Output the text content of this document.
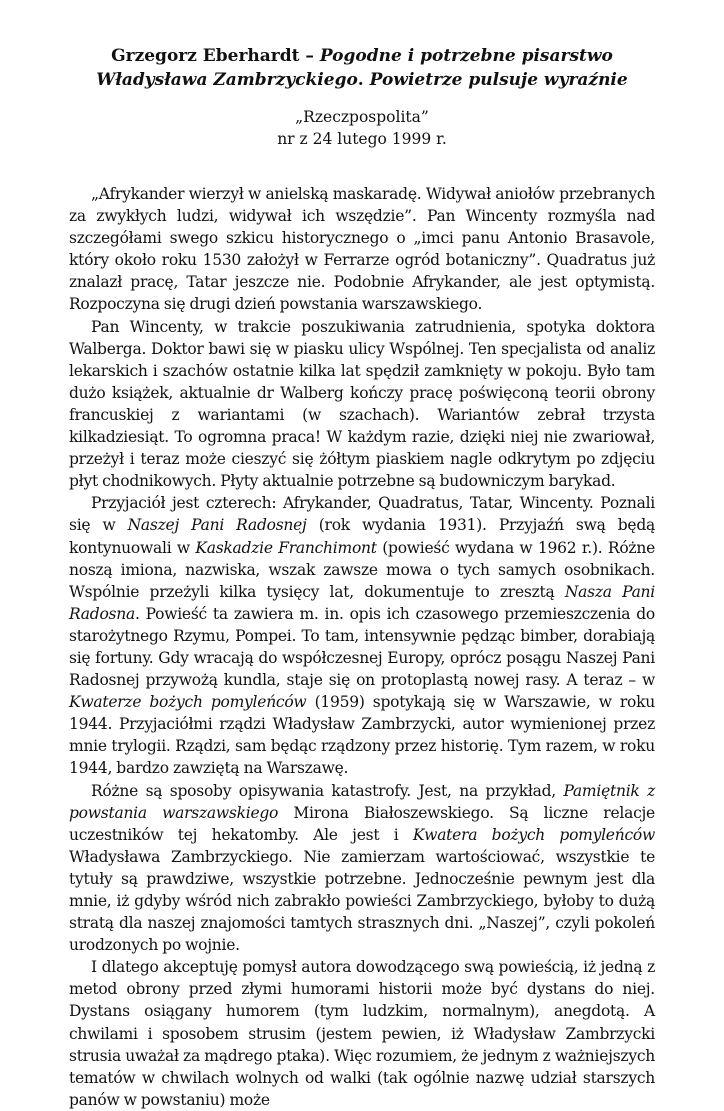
Grzegorz Eberhardt – Pogodne i potrzebne pisarstwo
Władysława Zambrzyckiego. Powietrze pulsuje wyraźnie
„Rzeczpospolita”
nr z 24 lutego 1999 r.

„Afrykander wierzył w anielską maskaradę. Widywał aniołów przebranych za zwykłych ludzi, widywał ich wszędzie”. Pan Wincenty rozmyśla nad szczegółami swego szkicu historycznego o „imci panu Antonio Brasavole, który około roku 1530 założył w Ferrarze ogród botaniczny”. Quadratus już znalazł pracę, Tatar jeszcze nie. Podobnie Afrykander, ale jest optymistą. Rozpoczyna się drugi dzień powstania warszawskiego.

Pan Wincenty, w trakcie poszukiwania zatrudnienia, spotyka doktora Walberga. Doktor bawi się w piasku ulicy Wspólnej. Ten specjalista od analiz lekarskich i szachów ostatnie kilka lat spędził zamknięty w pokoju. Było tam dużo książek, aktualnie dr Walberg kończy pracę poświęconą teorii obrony francuskiej z wariantami (w szachach). Wariantów zebrał trzysta kilkadziesiąt. To ogromna praca! W każdym razie, dzięki niej nie zwariował, przeżył i teraz może cieszyć się żółtym piaskiem nagle odkrytym po zdjęciu płyt chodnikowych. Płyty aktualnie potrzebne są budowniczym barykad.

Przyjaciół jest czterech: Afrykander, Quadratus, Tatar, Wincenty. Poznali się w Naszej Pani Radosnej (rok wydania 1931). Przyjaźń swą będą kontynuowali w Kaskadzie Franchimont (powieść wydana w 1962 r.). Różne noszą imiona, nazwiska, wszak zawsze mowa o tych samych osobnikach. Wspólnie przeżyli kilka tysięcy lat, dokumentuje to zresztą Nasza Pani Radosna. Powieść ta zawiera m. in. opis ich czasowego przemieszczenia do starożytnego Rzymu, Pompei. To tam, intensywnie pędząc bimber, dorabiają się fortuny. Gdy wracają do współczesnej Europy, oprócz posągu Naszej Pani Radosnej przywożą kundla, staje się on protoplastą nowej rasy. A teraz – w Kwaterze bożych pomyleńców (1959) spotykają się w Warszawie, w roku 1944. Przyjaciółmi rządzi Władysław Zambrzycki, autor wymienionej przez mnie trylogii. Rządzi, sam będąc rządzony przez historię. Tym razem, w roku 1944, bardzo zawziętą na Warszawę.

Różne są sposoby opisywania katastrofy. Jest, na przykład, Pamiętnik z powstania warszawskiego Mirona Białoszewskiego. Są liczne relacje uczestników tej hekatomby. Ale jest i Kwatera bożych pomyleńców Władysława Zambrzyckiego. Nie zamierzam wartościować, wszystkie te tytuły są prawdziwe, wszystkie potrzebne. Jednocześnie pewnym jest dla mnie, iż gdyby wśród nich zabrakło powieści Zambrzyckiego, byłoby to dużą stratą dla naszej znajomości tamtych strasznych dni. „Naszej”, czyli pokoleń urodzonych po wojnie.

I dlatego akceptuję pomysł autora dowodzącego swą powieścią, iż jedną z metod obrony przed złymi humorami historii może być dystans do niej. Dystans osiągany humorem (tym ludzkim, normalnym), anegdotą. A chwilami i sposobem strusim (jestem pewien, iż Władysław Zambrzycki strusia uważał za mądrego ptaka). Więc rozumiem, że jednym z ważniejszych tematów w chwilach wolnych od walki (tak ogólnie nazwę udział starszych panów w powstaniu) może
